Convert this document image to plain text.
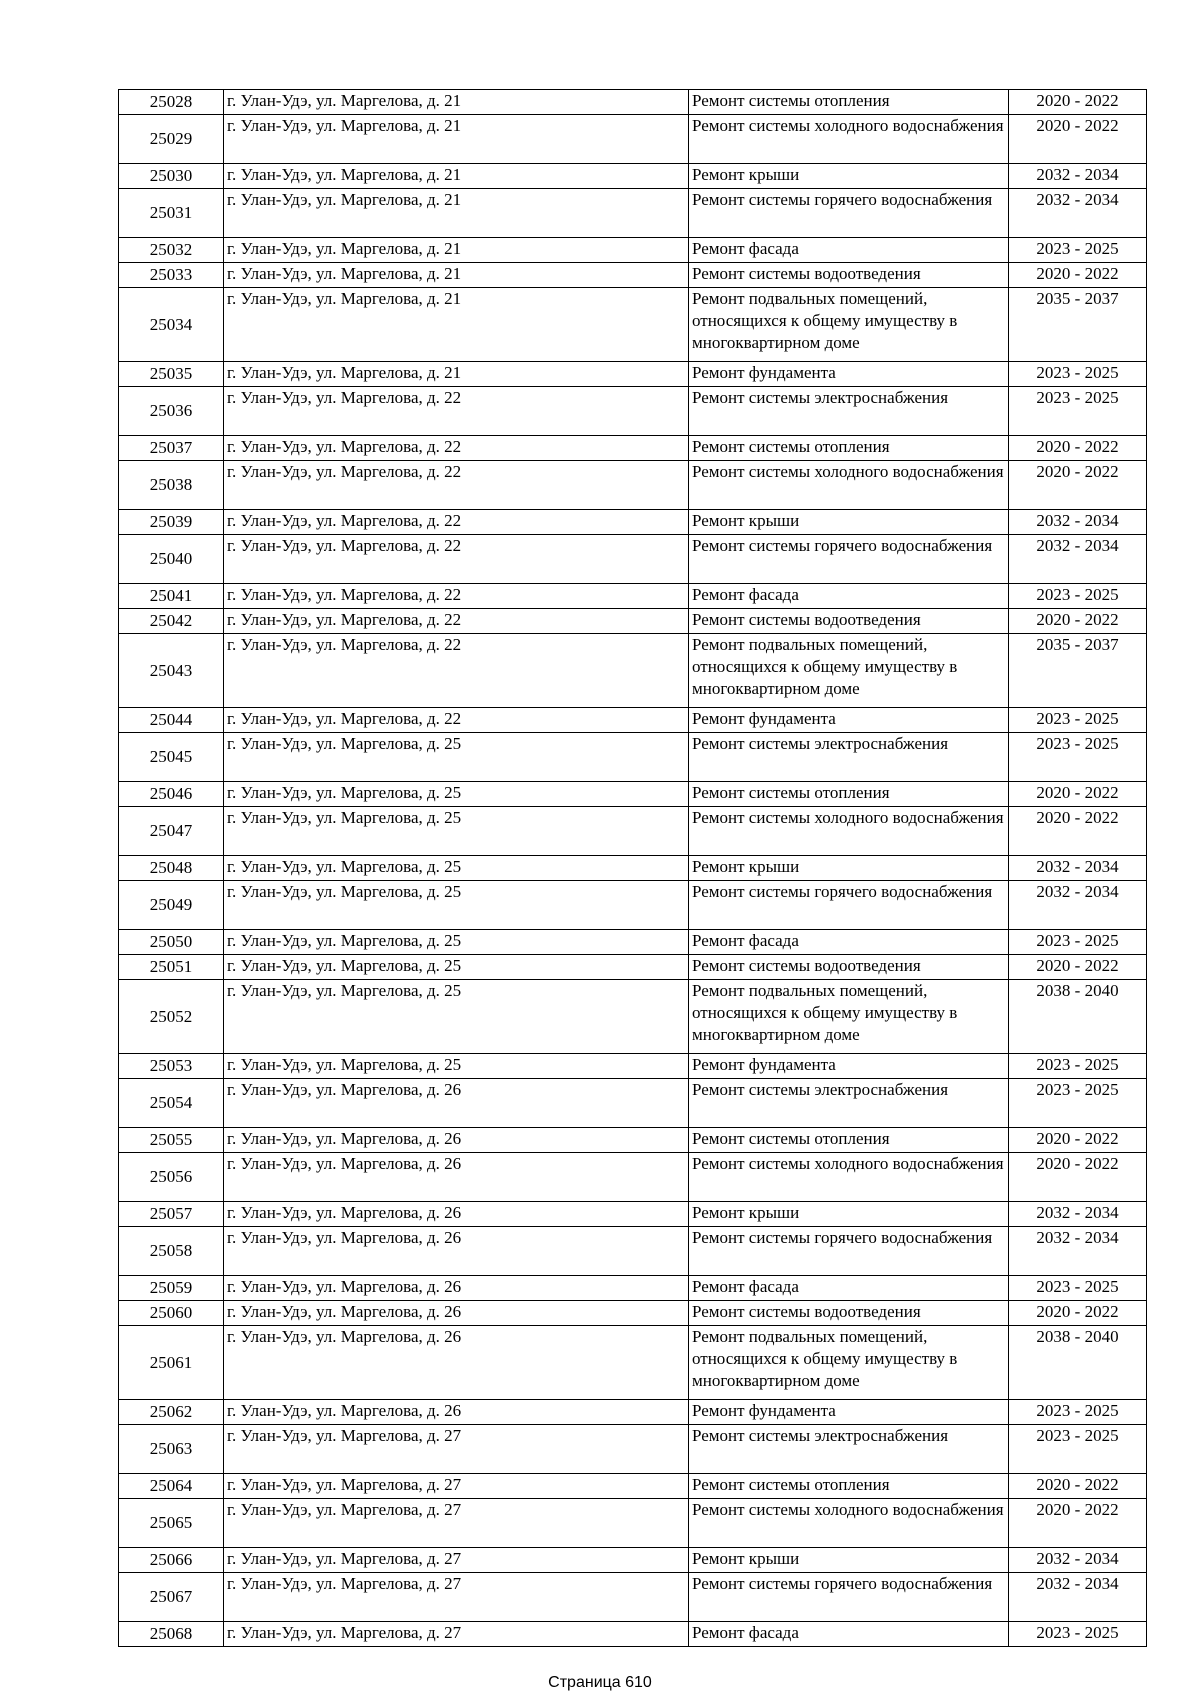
25028	г. Улан-Удэ, ул. Маргелова, д. 21	Ремонт системы отопления	2020 - 2022
25029	г. Улан-Удэ, ул. Маргелова, д. 21	Ремонт системы холодного водоснабжения	2020 - 2022
25030	г. Улан-Удэ, ул. Маргелова, д. 21	Ремонт крыши	2032 - 2034
25031	г. Улан-Удэ, ул. Маргелова, д. 21	Ремонт системы горячего водоснабжения	2032 - 2034
25032	г. Улан-Удэ, ул. Маргелова, д. 21	Ремонт фасада	2023 - 2025
25033	г. Улан-Удэ, ул. Маргелова, д. 21	Ремонт системы водоотведения	2020 - 2022
25034	г. Улан-Удэ, ул. Маргелова, д. 21	Ремонт подвальных помещений, относящихся к общему имуществу в многоквартирном доме	2035 - 2037
25035	г. Улан-Удэ, ул. Маргелова, д. 21	Ремонт фундамента	2023 - 2025
25036	г. Улан-Удэ, ул. Маргелова, д. 22	Ремонт системы электроснабжения	2023 - 2025
25037	г. Улан-Удэ, ул. Маргелова, д. 22	Ремонт системы отопления	2020 - 2022
25038	г. Улан-Удэ, ул. Маргелова, д. 22	Ремонт системы холодного водоснабжения	2020 - 2022
25039	г. Улан-Удэ, ул. Маргелова, д. 22	Ремонт крыши	2032 - 2034
25040	г. Улан-Удэ, ул. Маргелова, д. 22	Ремонт системы горячего водоснабжения	2032 - 2034
25041	г. Улан-Удэ, ул. Маргелова, д. 22	Ремонт фасада	2023 - 2025
25042	г. Улан-Удэ, ул. Маргелова, д. 22	Ремонт системы водоотведения	2020 - 2022
25043	г. Улан-Удэ, ул. Маргелова, д. 22	Ремонт подвальных помещений, относящихся к общему имуществу в многоквартирном доме	2035 - 2037
25044	г. Улан-Удэ, ул. Маргелова, д. 22	Ремонт фундамента	2023 - 2025
25045	г. Улан-Удэ, ул. Маргелова, д. 25	Ремонт системы электроснабжения	2023 - 2025
25046	г. Улан-Удэ, ул. Маргелова, д. 25	Ремонт системы отопления	2020 - 2022
25047	г. Улан-Удэ, ул. Маргелова, д. 25	Ремонт системы холодного водоснабжения	2020 - 2022
25048	г. Улан-Удэ, ул. Маргелова, д. 25	Ремонт крыши	2032 - 2034
25049	г. Улан-Удэ, ул. Маргелова, д. 25	Ремонт системы горячего водоснабжения	2032 - 2034
25050	г. Улан-Удэ, ул. Маргелова, д. 25	Ремонт фасада	2023 - 2025
25051	г. Улан-Удэ, ул. Маргелова, д. 25	Ремонт системы водоотведения	2020 - 2022
25052	г. Улан-Удэ, ул. Маргелова, д. 25	Ремонт подвальных помещений, относящихся к общему имуществу в многоквартирном доме	2038 - 2040
25053	г. Улан-Удэ, ул. Маргелова, д. 25	Ремонт фундамента	2023 - 2025
25054	г. Улан-Удэ, ул. Маргелова, д. 26	Ремонт системы электроснабжения	2023 - 2025
25055	г. Улан-Удэ, ул. Маргелова, д. 26	Ремонт системы отопления	2020 - 2022
25056	г. Улан-Удэ, ул. Маргелова, д. 26	Ремонт системы холодного водоснабжения	2020 - 2022
25057	г. Улан-Удэ, ул. Маргелова, д. 26	Ремонт крыши	2032 - 2034
25058	г. Улан-Удэ, ул. Маргелова, д. 26	Ремонт системы горячего водоснабжения	2032 - 2034
25059	г. Улан-Удэ, ул. Маргелова, д. 26	Ремонт фасада	2023 - 2025
25060	г. Улан-Удэ, ул. Маргелова, д. 26	Ремонт системы водоотведения	2020 - 2022
25061	г. Улан-Удэ, ул. Маргелова, д. 26	Ремонт подвальных помещений, относящихся к общему имуществу в многоквартирном доме	2038 - 2040
25062	г. Улан-Удэ, ул. Маргелова, д. 26	Ремонт фундамента	2023 - 2025
25063	г. Улан-Удэ, ул. Маргелова, д. 27	Ремонт системы электроснабжения	2023 - 2025
25064	г. Улан-Удэ, ул. Маргелова, д. 27	Ремонт системы отопления	2020 - 2022
25065	г. Улан-Удэ, ул. Маргелова, д. 27	Ремонт системы холодного водоснабжения	2020 - 2022
25066	г. Улан-Удэ, ул. Маргелова, д. 27	Ремонт крыши	2032 - 2034
25067	г. Улан-Удэ, ул. Маргелова, д. 27	Ремонт системы горячего водоснабжения	2032 - 2034
25068	г. Улан-Удэ, ул. Маргелова, д. 27	Ремонт фасада	2023 - 2025
Страница 610
